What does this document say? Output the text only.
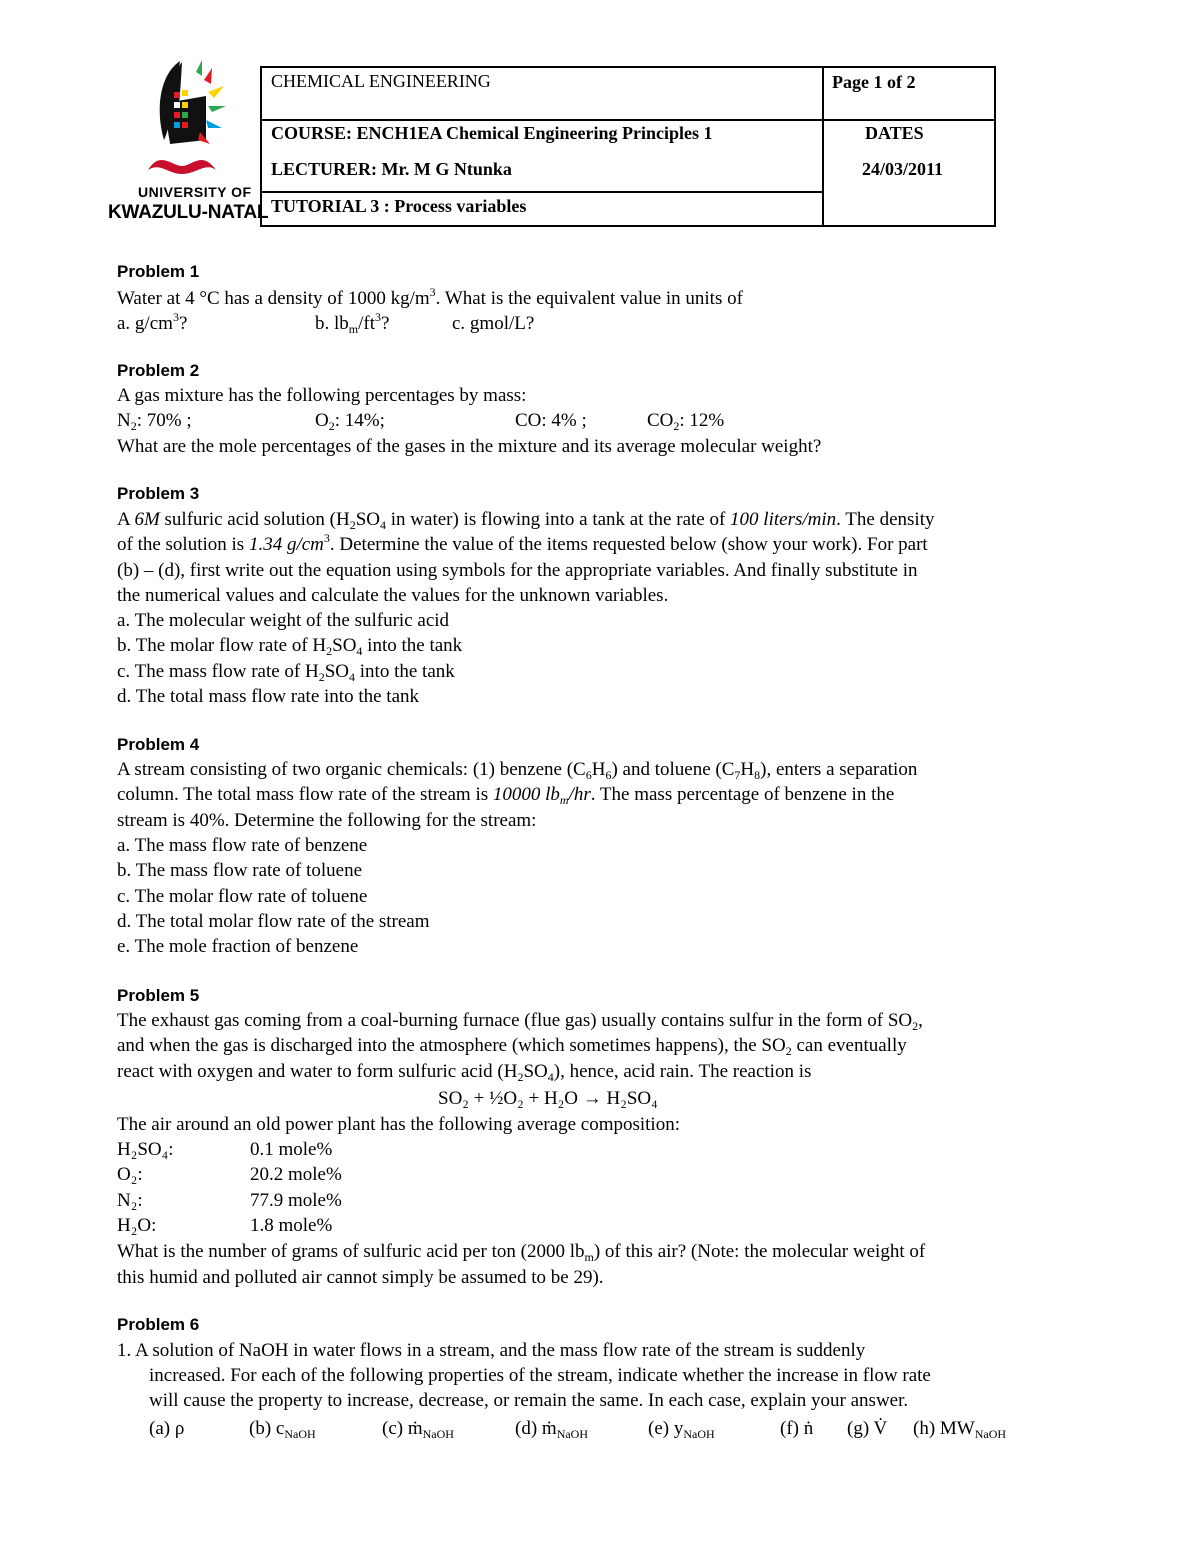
UNIVERSITY OF
KWAZULU-NATAL
CHEMICAL ENGINEERING	Page 1 of 2
COURSE: ENCH1EA Chemical Engineering Principles 1	DATES
LECTURER: Mr. M G Ntunka	24/03/2011
TUTORIAL 3 : Process variables
Problem 1
Water at 4 °C has a density of 1000 $kg/m^3$. What is the equivalent value in units of
a. $g/cm^3$?	b. $lb_m/ft^3$?	c. gmol/L?
Problem 2
A gas mixture has the following percentages by mass:
$N_2$: 70% ;	$O_2$: 14%;	CO: 4% ;	$CO_2$: 12%
What are the mole percentages of the gases in the mixture and its average molecular weight?
Problem 3
A 6M sulfuric acid solution ($H_2SO_4$ in water) is flowing into a tank at the rate of 100 liters/min. The density
of the solution is 1.34 $g/cm^3$. Determine the value of the items requested below (show your work). For part
(b) – (d), first write out the equation using symbols for the appropriate variables. And finally substitute in
the numerical values and calculate the values for the unknown variables.
a. The molecular weight of the sulfuric acid
b. The molar flow rate of $H_2SO_4$ into the tank
c. The mass flow rate of $H_2SO_4$ into the tank
d. The total mass flow rate into the tank
Problem 4
A stream consisting of two organic chemicals: (1) benzene $(C_6H_6)$ and toluene $(C_7H_8)$, enters a separation
column. The total mass flow rate of the stream is 10000 $lb_m/hr$. The mass percentage of benzene in the
stream is 40%. Determine the following for the stream:
a. The mass flow rate of benzene
b. The mass flow rate of toluene
c. The molar flow rate of toluene
d. The total molar flow rate of the stream
e. The mole fraction of benzene
Problem 5
The exhaust gas coming from a coal-burning furnace (flue gas) usually contains sulfur in the form of $SO_2$,
and when the gas is discharged into the atmosphere (which sometimes happens), the $SO_2$ can eventually
react with oxygen and water to form sulfuric acid $(H_2SO_4)$, hence, acid rain. The reaction is
SO₂ + ½O₂ + H₂O → H₂SO₄
The air around an old power plant has the following average composition:
H₂SO₄:	0.1 mole%
O₂:	20.2 mole%
N₂:	77.9 mole%
H₂O:	1.8 mole%
What is the number of grams of sulfuric acid per ton (2000 $lb_m$) of this air? (Note: the molecular weight of
this humid and polluted air cannot simply be assumed to be 29).
Problem 6
1. A solution of NaOH in water flows in a stream, and the mass flow rate of the stream is suddenly
increased. For each of the following properties of the stream, indicate whether the increase in flow rate
will cause the property to increase, decrease, or remain the same. In each case, explain your answer.
(a) ρ	(b) $c_{NaOH}$	(c) ṁ$_{NaOH}$	(d) ṁ$_{NaOH}$	(e) $y_{NaOH}$	(f) ṅ (g) V̇ (h) $MW_{NaOH}$
